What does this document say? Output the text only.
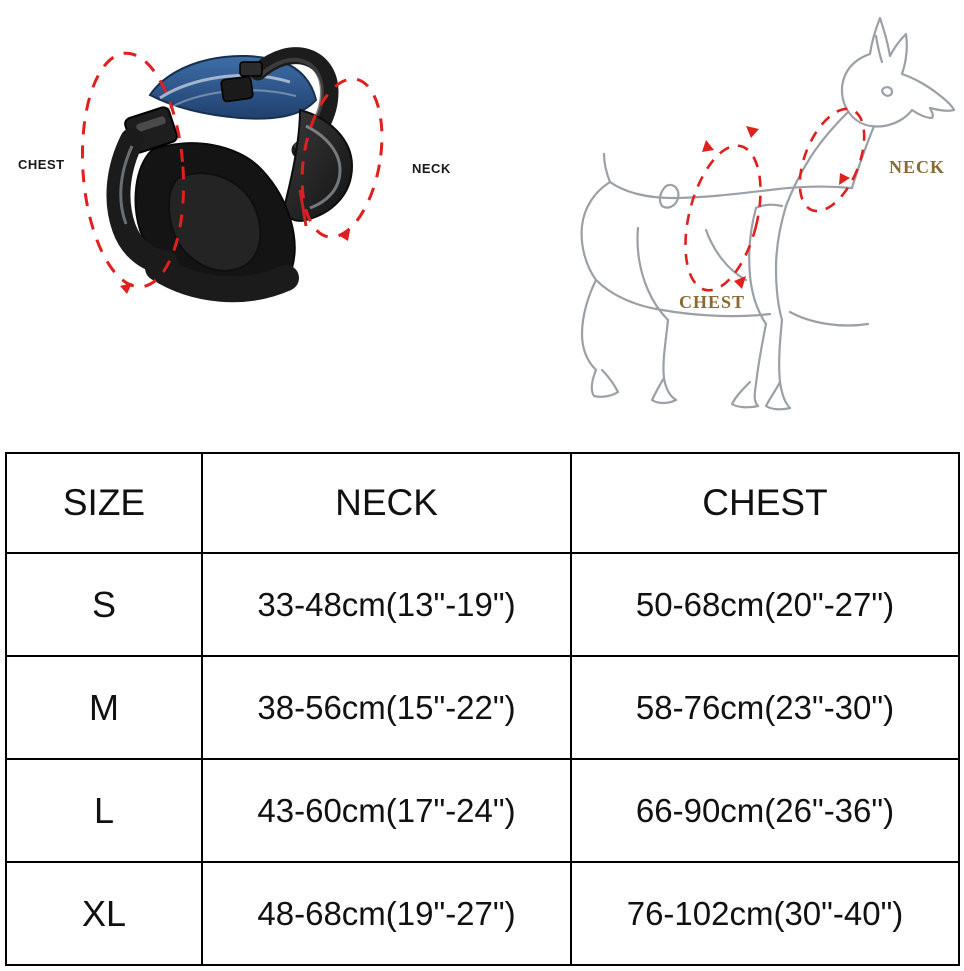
CHEST	NECK	NECK
CHEST
SIZE	NECK	CHEST
S	33-48cm(13"-19")	50-68cm(20"-27")
M	38-56cm(15"-22")	58-76cm(23"-30")
L	43-60cm(17"-24")	66-90cm(26"-36")
XL	48-68cm(19"-27")	76-102cm(30"-40")
